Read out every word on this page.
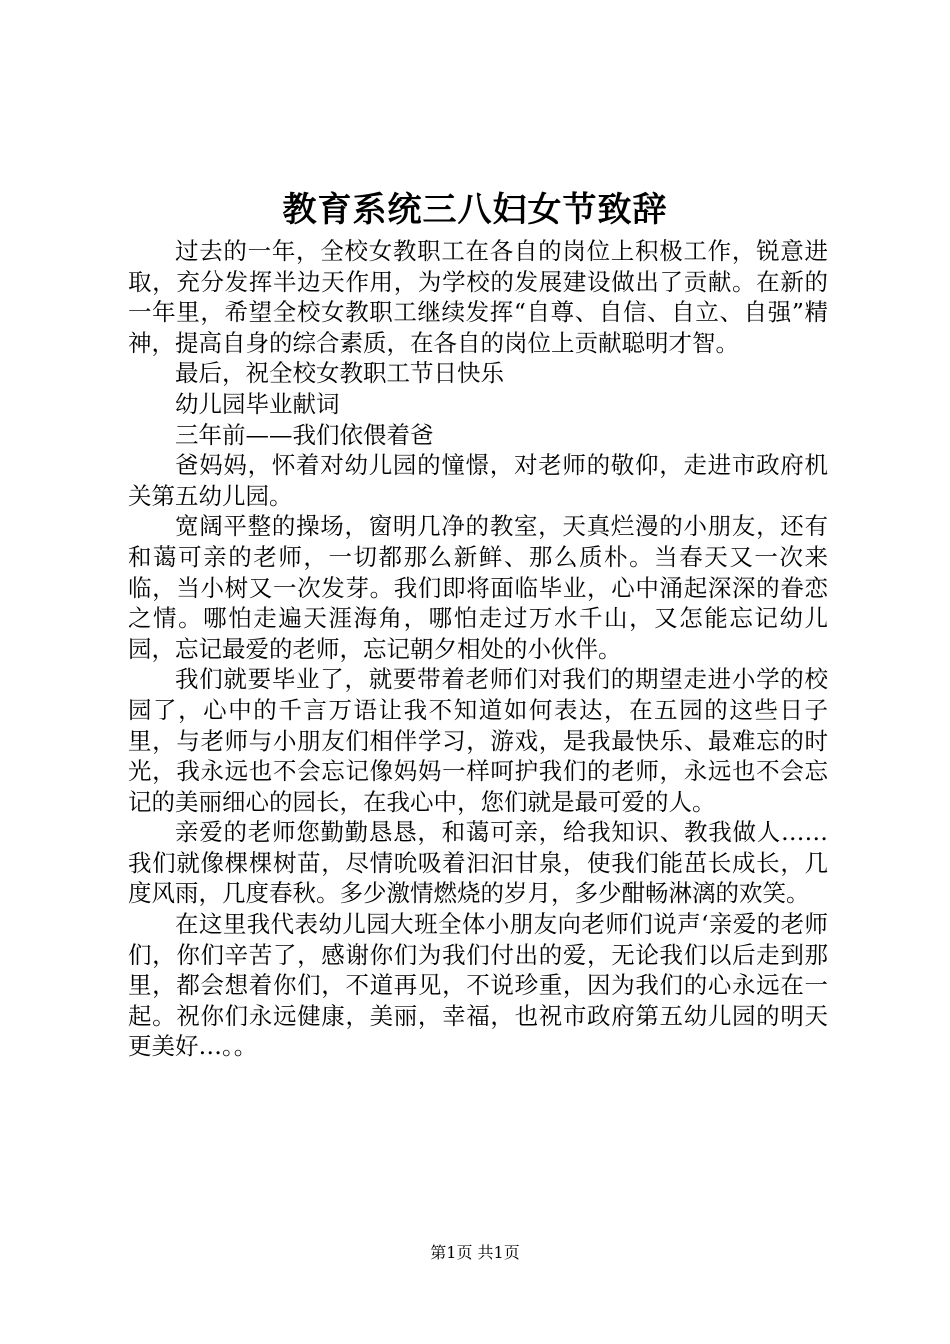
教育系统三八妇女节致辞

过去的一年，全校女教职工在各自的岗位上积极工作，锐意进取，充分发挥半边天作用，为学校的发展建设做出了贡献。在新的一年里，希望全校女教职工继续发挥“自尊、自信、自立、自强”精神，提高自身的综合素质，在各自的岗位上贡献聪明才智。

最后，祝全校女教职工节日快乐

幼儿园毕业献词

三年前——我们依偎着爸

爸妈妈，怀着对幼儿园的憧憬，对老师的敬仰，走进市政府机关第五幼儿园。

宽阔平整的操场，窗明几净的教室，天真烂漫的小朋友，还有和蔼可亲的老师，一切都那么新鲜、那么质朴。当春天又一次来临，当小树又一次发芽。我们即将面临毕业，心中涌起深深的眷恋之情。哪怕走遍天涯海角，哪怕走过万水千山，又怎能忘记幼儿园，忘记最爱的老师，忘记朝夕相处的小伙伴。

我们就要毕业了，就要带着老师们对我们的期望走进小学的校园了，心中的千言万语让我不知道如何表达，在五园的这些日子里，与老师与小朋友们相伴学习，游戏，是我最快乐、最难忘的时光，我永远也不会忘记像妈妈一样呵护我们的老师，永远也不会忘记的美丽细心的园长，在我心中，您们就是最可爱的人。

亲爱的老师您勤勤恳恳，和蔼可亲，给我知识、教我做人……我们就像棵棵树苗，尽情吮吸着汩汩甘泉，使我们能茁长成长，几度风雨，几度春秋。多少激情燃烧的岁月，多少酣畅淋漓的欢笑。

在这里我代表幼儿园大班全体小朋友向老师们说声‘亲爱的老师们，你们辛苦了，感谢你们为我们付出的爱，无论我们以后走到那里，都会想着你们，不道再见，不说珍重，因为我们的心永远在一起。祝你们永远健康，美丽，幸福，也祝市政府第五幼儿园的明天更美好…。。

第1页 共1页
